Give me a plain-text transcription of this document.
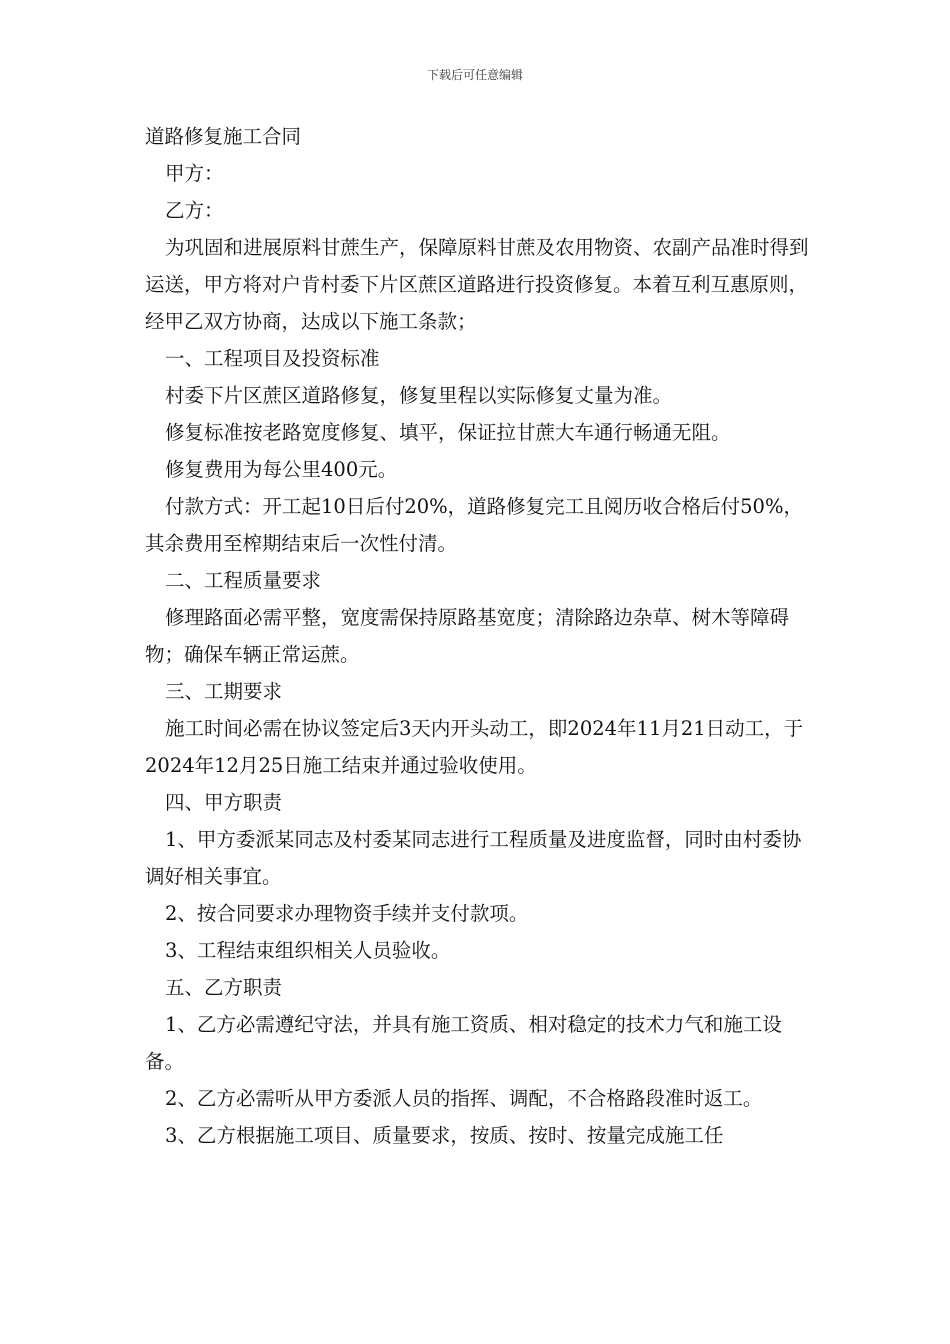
下载后可任意编辑

道路修复施工合同

甲方：

乙方：

为巩固和进展原料甘蔗生产，保障原料甘蔗及农用物资、农副产品准时得到运送，甲方将对户肯村委下片区蔗区道路进行投资修复。本着互利互惠原则，经甲乙双方协商，达成以下施工条款；

一、工程项目及投资标准

村委下片区蔗区道路修复，修复里程以实际修复丈量为准。

修复标准按老路宽度修复、填平，保证拉甘蔗大车通行畅通无阻。

修复费用为每公里400元。

付款方式：开工起10日后付20%，道路修复完工且阅历收合格后付50%，其余费用至榨期结束后一次性付清。

二、工程质量要求

修理路面必需平整，宽度需保持原路基宽度；清除路边杂草、树木等障碍物；确保车辆正常运蔗。

三、工期要求

施工时间必需在协议签定后3天内开头动工，即2024年11月21日动工，于2024年12月25日施工结束并通过验收使用。

四、甲方职责

1、甲方委派某同志及村委某同志进行工程质量及进度监督，同时由村委协调好相关事宜。

2、按合同要求办理物资手续并支付款项。

3、工程结束组织相关人员验收。

五、乙方职责

1、乙方必需遵纪守法，并具有施工资质、相对稳定的技术力气和施工设备。

2、乙方必需听从甲方委派人员的指挥、调配，不合格路段准时返工。

3、乙方根据施工项目、质量要求，按质、按时、按量完成施工任
